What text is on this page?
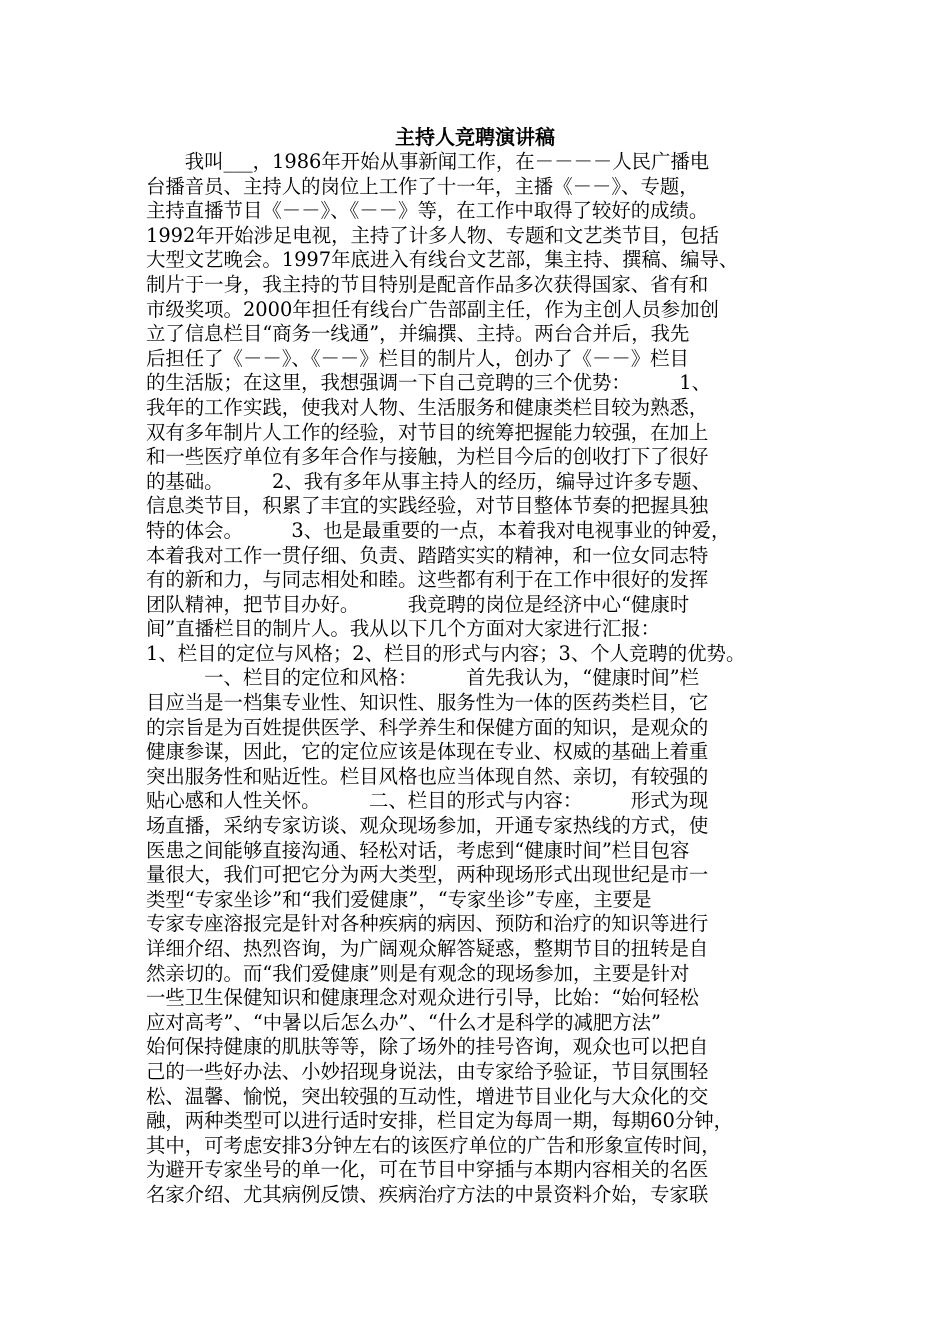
主持人竞聘演讲稿
　　我叫___，1986年开始从事新闻工作，在－－－－人民广播电
台播音员、主持人的岗位上工作了十一年，主播《－－》、专题，
主持直播节目《－－》、《－－》等，在工作中取得了较好的成绩。
1992年开始涉足电视，主持了计多人物、专题和文艺类节目，包括
大型文艺晚会。1997年底进入有线台文艺部，集主持、撰稿、编导、
制片于一身，我主持的节目特别是配音作品多次获得国家、省有和
市级奖项。2000年担任有线台广告部副主任，作为主创人员参加创
立了信息栏目“商务一线通”，并编撰、主持。两台合并后，我先
后担任了《－－》、《－－》栏目的制片人，创办了《－－》栏目
的生活版；在这里，我想强调一下自己竞聘的三个优势：　　　1、
我年的工作实践，使我对人物、生活服务和健康类栏目较为熟悉，
双有多年制片人工作的经验，对节目的统筹把握能力较强，在加上
和一些医疗单位有多年合作与接触，为栏目今后的创收打下了很好
的基础。　　　2、我有多年从事主持人的经历，编导过许多专题、
信息类节目，积累了丰宜的实践经验，对节目整体节奏的把握具独
特的体会。　　　3、也是最重要的一点，本着我对电视事业的钟爱，
本着我对工作一贯仔细、负责、踏踏实实的精神，和一位女同志特
有的新和力，与同志相处和睦。这些都有利于在工作中很好的发挥
团队精神，把节目办好。　　　我竞聘的岗位是经济中心“健康时
间”直播栏目的制片人。我从以下几个方面对大家进行汇报：
1、栏目的定位与风格；2、栏目的形式与内容；3、个人竞聘的优势。
　　　一、栏目的定位和风格：　　　首先我认为，“健康时间”栏
目应当是一档集专业性、知识性、服务性为一体的医药类栏目，它
的宗旨是为百姓提供医学、科学养生和保健方面的知识，是观众的
健康参谋，因此，它的定位应该是体现在专业、权威的基础上着重
突出服务性和贴近性。栏目风格也应当体现自然、亲切，有较强的
贴心感和人性关怀。　　　二、栏目的形式与内容：　　　形式为现
场直播，采纳专家访谈、观众现场参加，开通专家热线的方式，使
医患之间能够直接沟通、轻松对话，考虑到“健康时间”栏目包容
量很大，我们可把它分为两大类型，两种现场形式出现世纪是市一
类型“专家坐诊”和“我们爱健康”，“专家坐诊”专座，主要是
专家专座溶报完是针对各种疾病的病因、预防和治疗的知识等进行
详细介绍、热烈咨询，为广阔观众解答疑惑，整期节目的扭转是自
然亲切的。而“我们爱健康”则是有观念的现场参加，主要是针对
一些卫生保健知识和健康理念对观众进行引导，比始：“始何轻松
应对高考”、“中暑以后怎么办”、“什么才是科学的减肥方法”
始何保持健康的肌肤等等，除了场外的挂号咨询，观众也可以把自
己的一些好办法、小妙招现身说法，由专家给予验证，节目氛围轻
松、温馨、愉悦，突出较强的互动性，增进节目业化与大众化的交
融，两种类型可以进行适时安排，栏目定为每周一期，每期60分钟，
其中，可考虑安排3分钟左右的该医疗单位的广告和形象宣传时间，
为避开专家坐号的单一化，可在节目中穿插与本期内容相关的名医
名家介绍、尤其病例反馈、疾病治疗方法的中景资料介始，专家联
